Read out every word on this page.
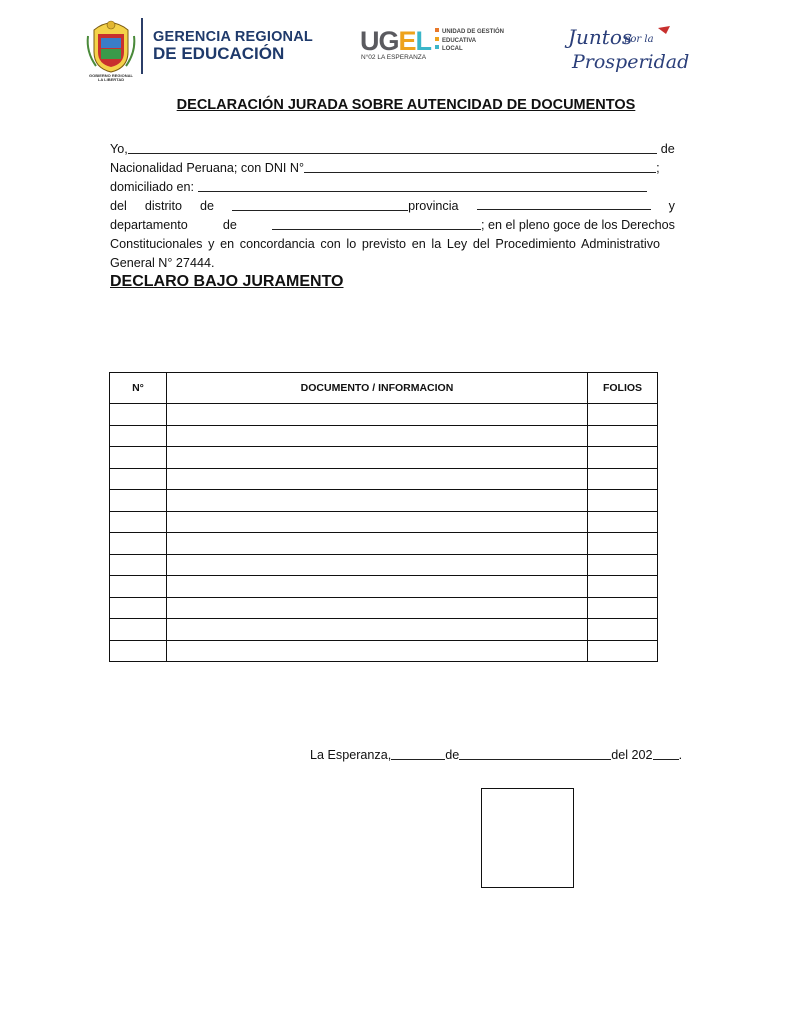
GOBIERNO REGIONAL LA LIBERTAD
GERENCIA REGIONAL
DE EDUCACIÓN	UGEL
N°02 LA ESPERANZA
UNIDAD DE GESTIÓN
EDUCATIVA
LOCAL	Juntos
por la
Prosperidad
DECLARACIÓN JURADA SOBRE AUTENCIDAD DE DOCUMENTOS
Yo,	de
Nacionalidad Peruana; con DNI N°	;
domiciliado en:
del distrito de	provincia	y
departamento	de	; en el pleno goce de los Derechos
Constitucionales y en concordancia con lo previsto en la Ley del Procedimiento Administrativo
General N° 27444.
DECLARO BAJO JURAMENTO
N°	DOCUMENTO / INFORMACION	FOLIOS

La Esperanza,	de	del 202 .
